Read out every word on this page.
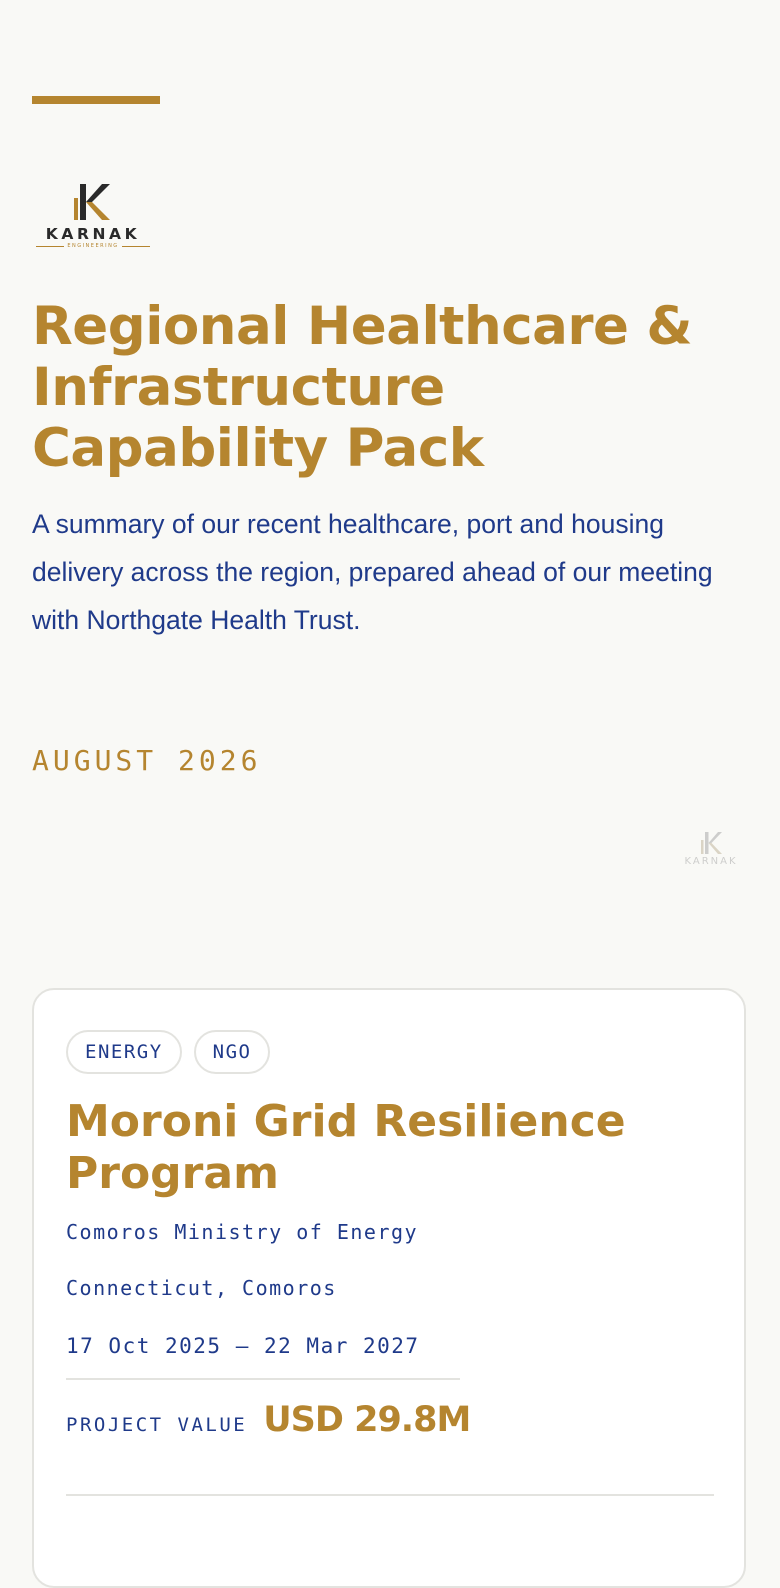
KARNAK
ENGINEERING
Regional Healthcare & Infrastructure Capability Pack

A summary of our recent healthcare, port and housing delivery across the region, prepared ahead of our meeting with Northgate Health Trust.

AUGUST 2026
KARNAK
ENERGY	NGO
Moroni Grid Resilience Program
Comoros Ministry of Energy
Connecticut, Comoros
17 Oct 2025 – 22 Mar 2027
PROJECT VALUE USD 29.8M
